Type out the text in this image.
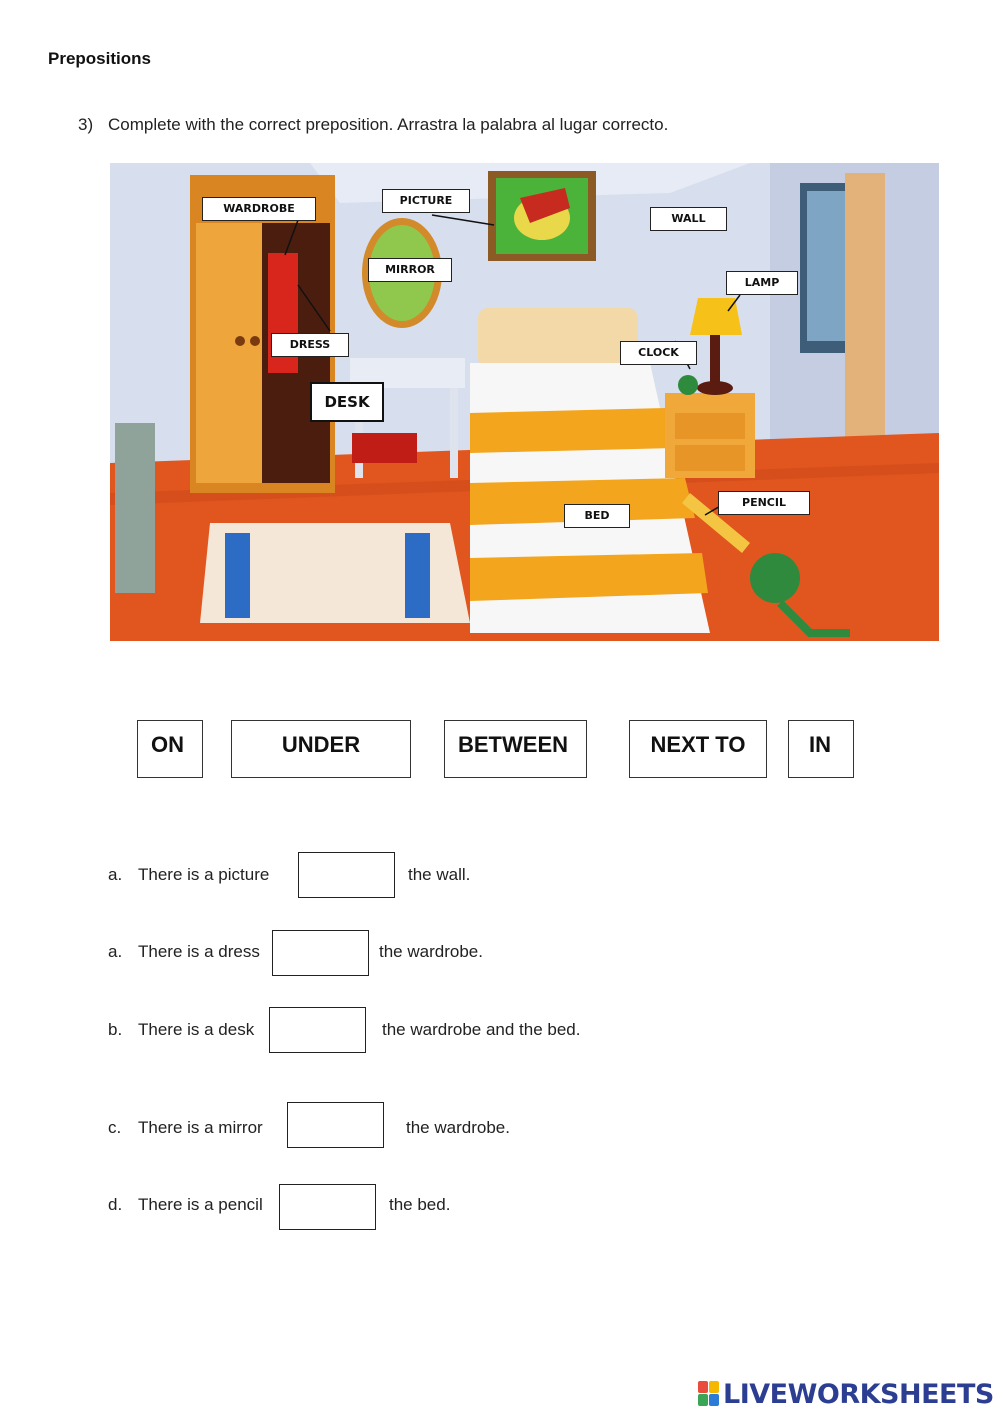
Prepositions
3) Complete with the correct preposition. Arrastra la palabra al lugar correcto.
WARDROBE
PICTURE
WALL
MIRROR
LAMP
DRESS
CLOCK
DESK
PENCIL
BED
ON	UNDER	BETWEEN	NEXT TO	IN
a. There is a picture	the wall.
a. There is a dress	the wardrobe.
b. There is a desk	the wardrobe and the bed.
c. There is a mirror	the wardrobe.
d. There is a pencil	the bed.
LIVEWORKSHEETS
